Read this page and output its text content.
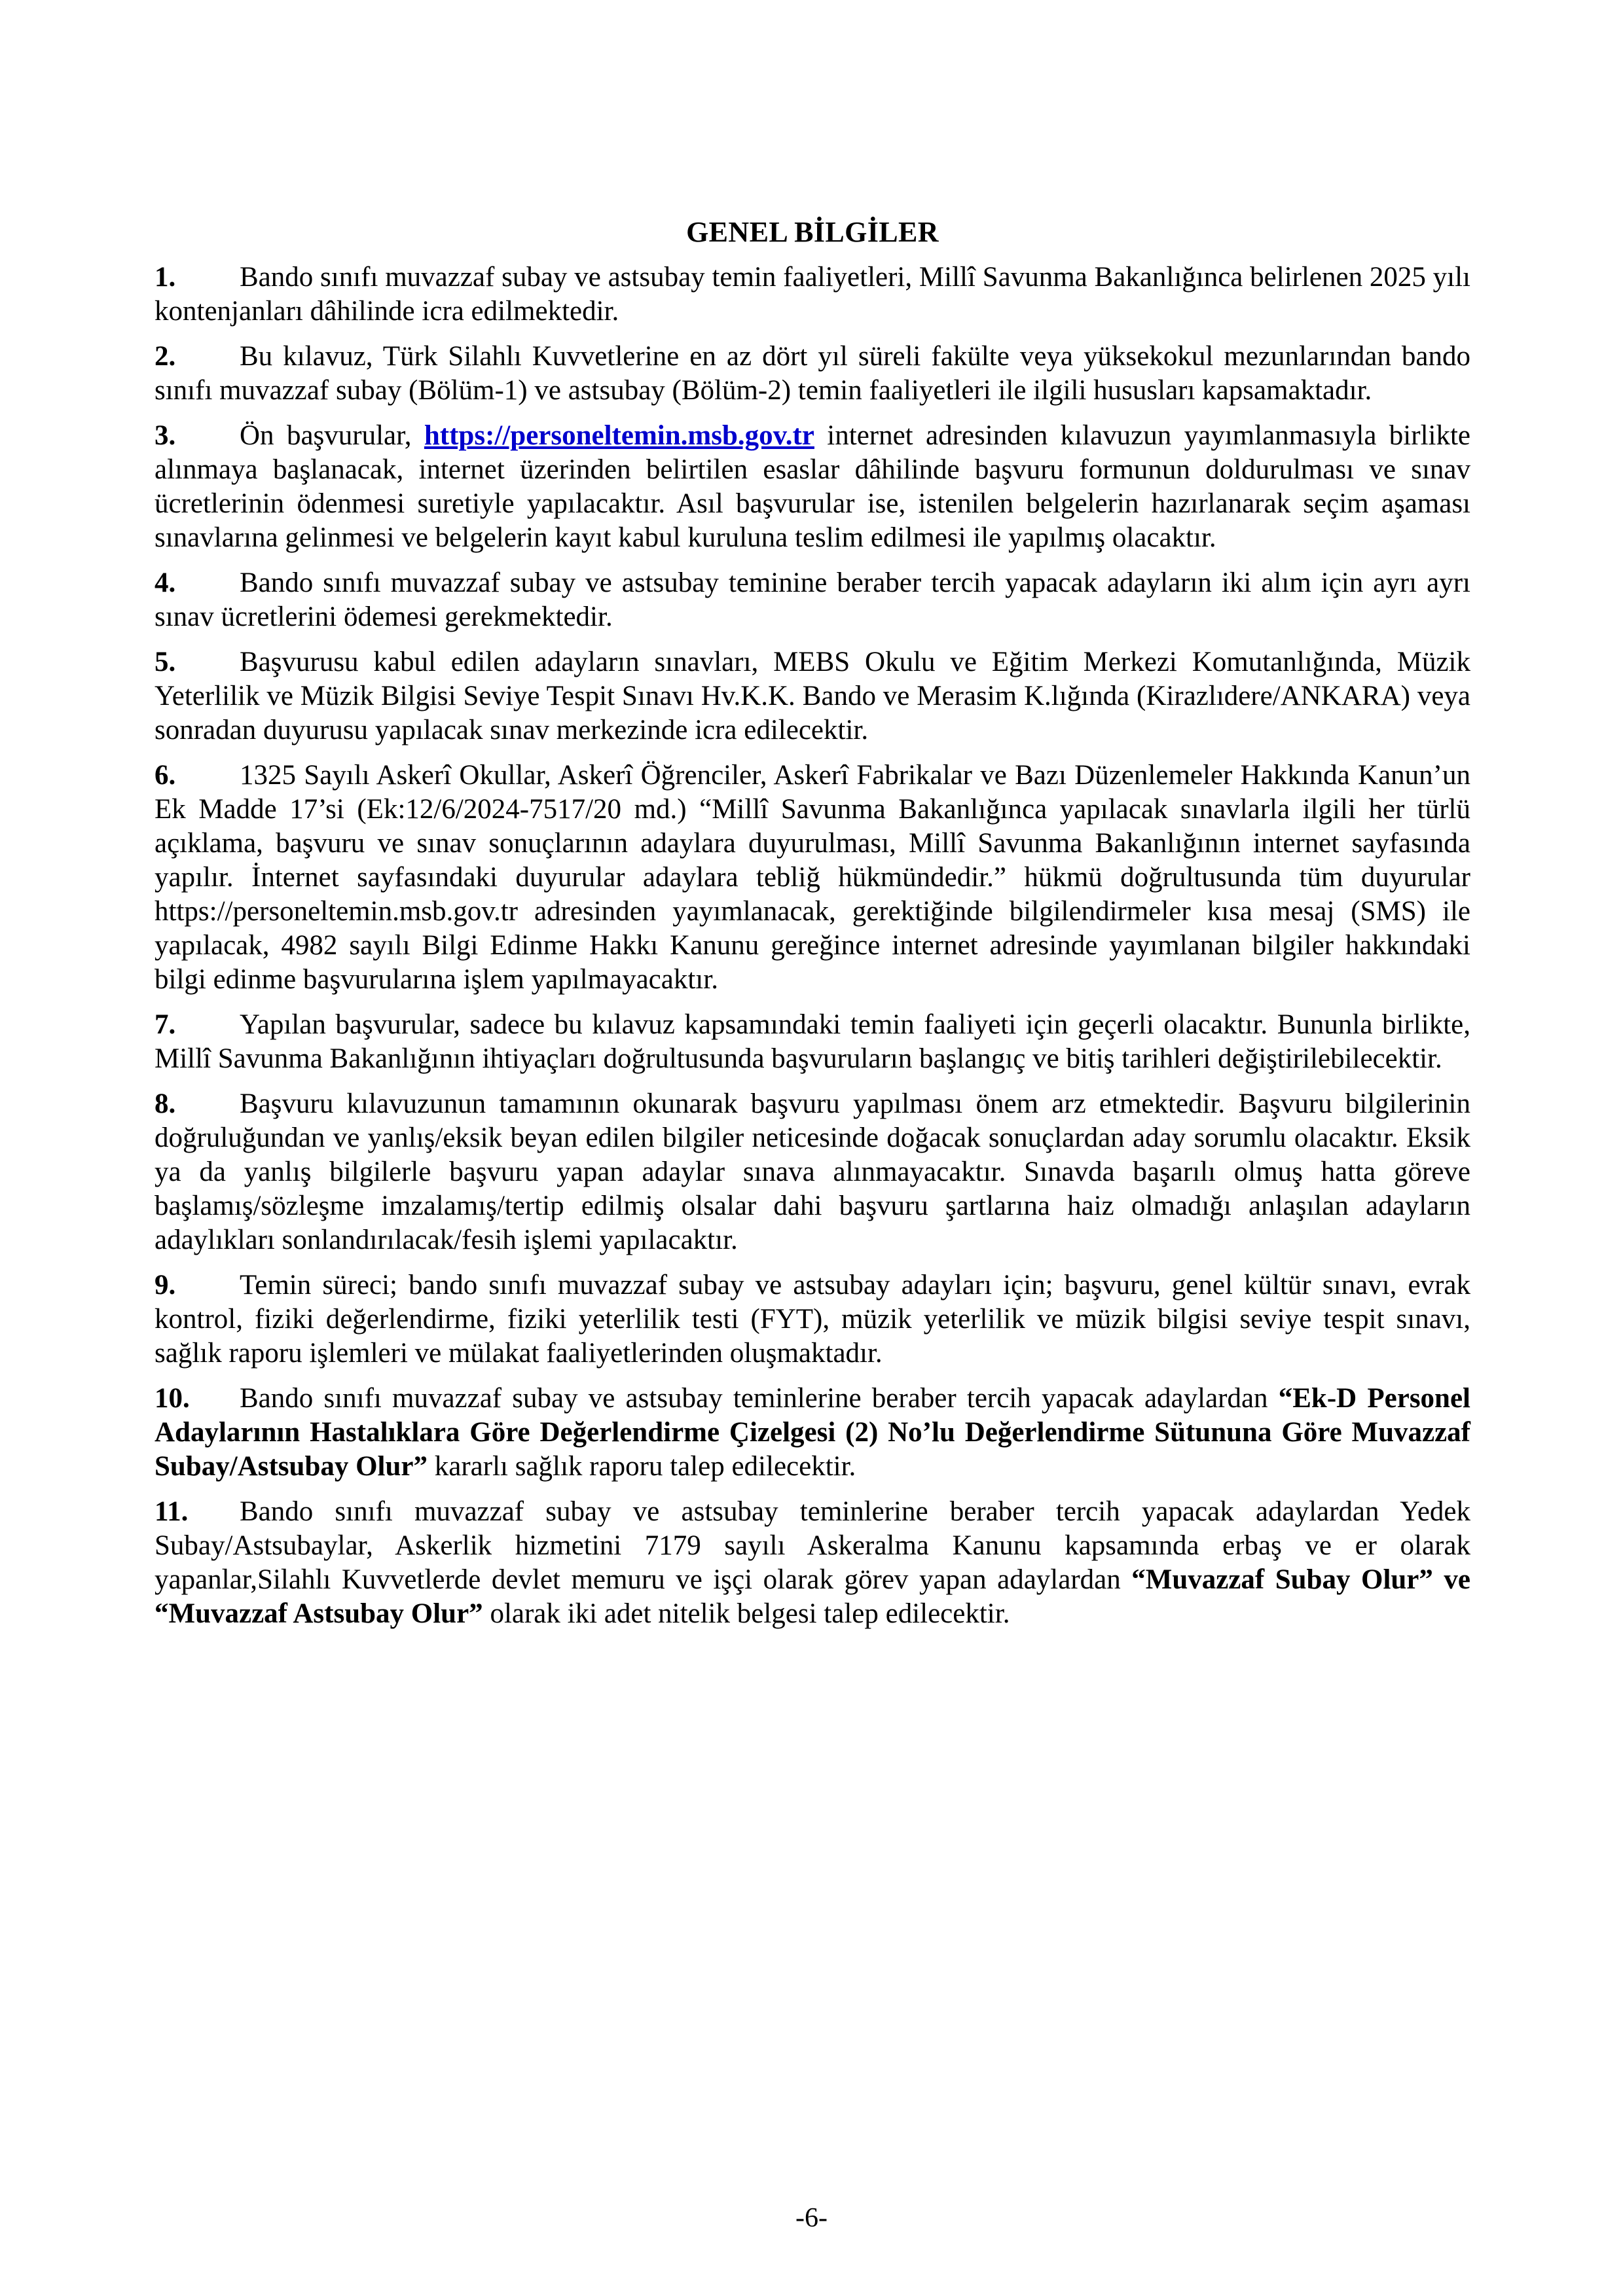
GENEL BİLGİLER

1. Bando sınıfı muvazzaf subay ve astsubay temin faaliyetleri, Millî Savunma Bakanlığınca belirlenen 2025 yılı kontenjanları dâhilinde icra edilmektedir.

2. Bu kılavuz, Türk Silahlı Kuvvetlerine en az dört yıl süreli fakülte veya yüksekokul mezunlarından bando sınıfı muvazzaf subay (Bölüm-1) ve astsubay (Bölüm-2) temin faaliyetleri ile ilgili hususları kapsamaktadır.

3. Ön başvurular, https://personeltemin.msb.gov.tr internet adresinden kılavuzun yayımlanmasıyla birlikte alınmaya başlanacak, internet üzerinden belirtilen esaslar dâhilinde başvuru formunun doldurulması ve sınav ücretlerinin ödenmesi suretiyle yapılacaktır. Asıl başvurular ise, istenilen belgelerin hazırlanarak seçim aşaması sınavlarına gelinmesi ve belgelerin kayıt kabul kuruluna teslim edilmesi ile yapılmış olacaktır.

4. Bando sınıfı muvazzaf subay ve astsubay teminine beraber tercih yapacak adayların iki alım için ayrı ayrı sınav ücretlerini ödemesi gerekmektedir.

5. Başvurusu kabul edilen adayların sınavları, MEBS Okulu ve Eğitim Merkezi Komutanlığında, Müzik Yeterlilik ve Müzik Bilgisi Seviye Tespit Sınavı Hv.K.K. Bando ve Merasim K.lığında (Kirazlıdere/ANKARA) veya sonradan duyurusu yapılacak sınav merkezinde icra edilecektir.

6. 1325 Sayılı Askerî Okullar, Askerî Öğrenciler, Askerî Fabrikalar ve Bazı Düzenlemeler Hakkında Kanun’un Ek Madde 17’si (Ek:12/6/2024-7517/20 md.) “Millî Savunma Bakanlığınca yapılacak sınavlarla ilgili her türlü açıklama, başvuru ve sınav sonuçlarının adaylara duyurulması, Millî Savunma Bakanlığının internet sayfasında yapılır. İnternet sayfasındaki duyurular adaylara tebliğ hükmündedir.” hükmü doğrultusunda tüm duyurular https://personeltemin.msb.gov.tr adresinden yayımlanacak, gerektiğinde bilgilendirmeler kısa mesaj (SMS) ile yapılacak, 4982 sayılı Bilgi Edinme Hakkı Kanunu gereğince internet adresinde yayımlanan bilgiler hakkındaki bilgi edinme başvurularına işlem yapılmayacaktır.

7. Yapılan başvurular, sadece bu kılavuz kapsamındaki temin faaliyeti için geçerli olacaktır. Bununla birlikte, Millî Savunma Bakanlığının ihtiyaçları doğrultusunda başvuruların başlangıç ve bitiş tarihleri değiştirilebilecektir.

8. Başvuru kılavuzunun tamamının okunarak başvuru yapılması önem arz etmektedir. Başvuru bilgilerinin doğruluğundan ve yanlış/eksik beyan edilen bilgiler neticesinde doğacak sonuçlardan aday sorumlu olacaktır. Eksik ya da yanlış bilgilerle başvuru yapan adaylar sınava alınmayacaktır. Sınavda başarılı olmuş hatta göreve başlamış/sözleşme imzalamış/tertip edilmiş olsalar dahi başvuru şartlarına haiz olmadığı anlaşılan adayların adaylıkları sonlandırılacak/fesih işlemi yapılacaktır.

9. Temin süreci; bando sınıfı muvazzaf subay ve astsubay adayları için; başvuru, genel kültür sınavı, evrak kontrol, fiziki değerlendirme, fiziki yeterlilik testi (FYT), müzik yeterlilik ve müzik bilgisi seviye tespit sınavı, sağlık raporu işlemleri ve mülakat faaliyetlerinden oluşmaktadır.

10. Bando sınıfı muvazzaf subay ve astsubay teminlerine beraber tercih yapacak adaylardan “Ek-D Personel Adaylarının Hastalıklara Göre Değerlendirme Çizelgesi (2) No’lu Değerlendirme Sütununa Göre Muvazzaf Subay/Astsubay Olur” kararlı sağlık raporu talep edilecektir.

11. Bando sınıfı muvazzaf subay ve astsubay teminlerine beraber tercih yapacak adaylardan Yedek Subay/Astsubaylar, Askerlik hizmetini 7179 sayılı Askeralma Kanunu kapsamında erbaş ve er olarak yapanlar,Silahlı Kuvvetlerde devlet memuru ve işçi olarak görev yapan adaylardan “Muvazzaf Subay Olur” ve “Muvazzaf Astsubay Olur” olarak iki adet nitelik belgesi talep edilecektir.

-6-
